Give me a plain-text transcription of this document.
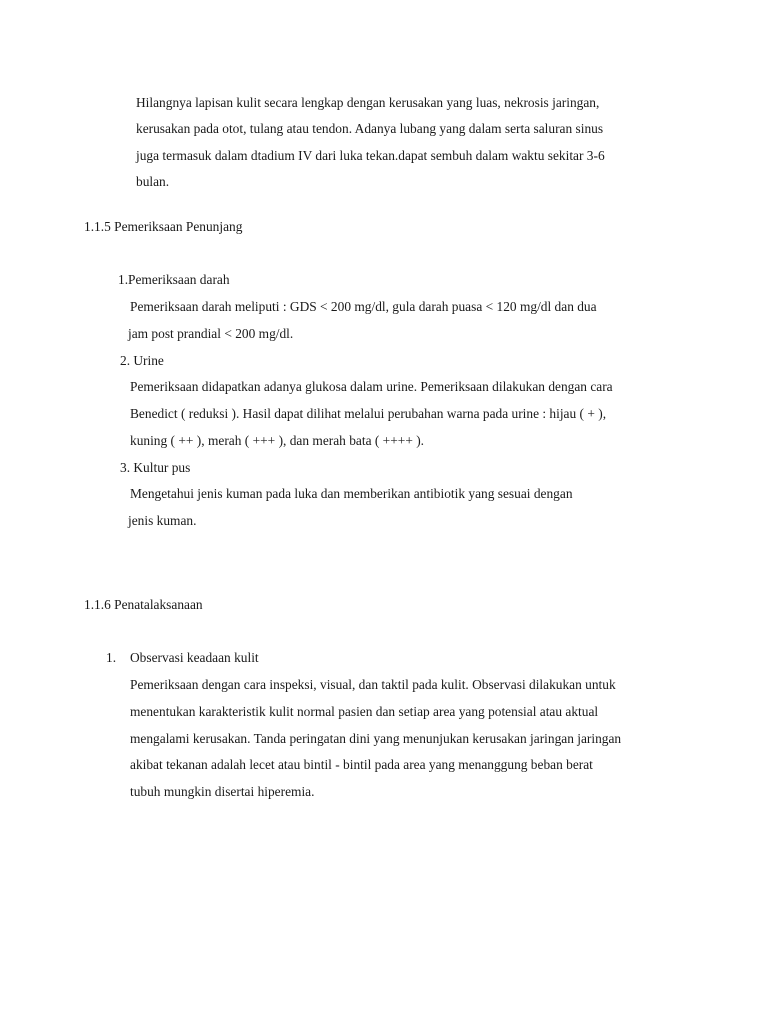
Hilangnya lapisan kulit secara lengkap dengan kerusakan yang luas, nekrosis jaringan,
kerusakan pada otot, tulang atau tendon. Adanya lubang yang dalam serta saluran sinus
juga termasuk dalam dtadium IV dari luka tekan.dapat sembuh dalam waktu sekitar 3-6
bulan.
1.1.5 Pemeriksaan Penunjang
1.Pemeriksaan darah
Pemeriksaan darah meliputi : GDS < 200 mg/dl, gula darah puasa < 120 mg/dl dan dua
jam post prandial < 200 mg/dl.
2. Urine
Pemeriksaan didapatkan adanya glukosa dalam urine. Pemeriksaan dilakukan dengan cara
Benedict ( reduksi ). Hasil dapat dilihat melalui perubahan warna pada urine : hijau ( + ),
kuning ( ++ ), merah ( +++ ), dan merah bata ( ++++ ).
3. Kultur pus
Mengetahui jenis kuman pada luka dan memberikan antibiotik yang sesuai dengan
jenis kuman.
1.1.6 Penatalaksanaan
1. Observasi keadaan kulit
Pemeriksaan dengan cara inspeksi, visual, dan taktil pada kulit. Observasi dilakukan untuk
menentukan karakteristik kulit normal pasien dan setiap area yang potensial atau aktual
mengalami kerusakan. Tanda peringatan dini yang menunjukan kerusakan jaringan jaringan
akibat tekanan adalah lecet atau bintil - bintil pada area yang menanggung beban berat
tubuh mungkin disertai hiperemia.
